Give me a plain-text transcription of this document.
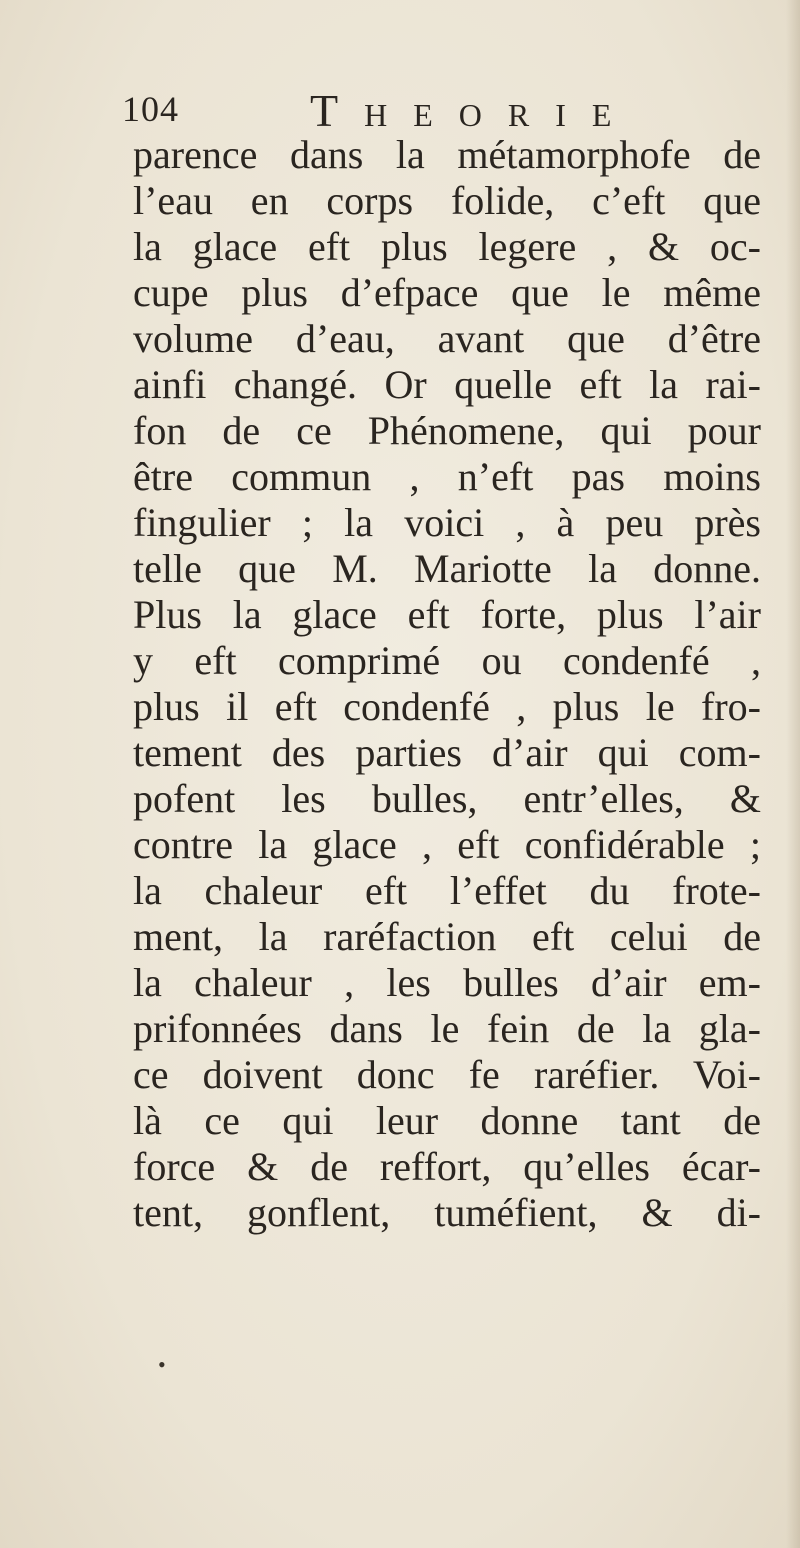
104	Theorie
parence dans la métamorphofe de
l’eau en corps folide, c’eft que
la glace eft plus legere , & oc-
cupe plus d’efpace que le même
volume d’eau, avant que d’être
ainfi changé. Or quelle eft la rai-
fon de ce Phénomene, qui pour
être commun , n’eft pas moins
fingulier ; la voici , à peu près
telle que M. Mariotte la donne.
Plus la glace eft forte, plus l’air
y eft comprimé ou condenfé ,
plus il eft condenfé , plus le fro-
tement des parties d’air qui com-
pofent les bulles, entr’elles, &
contre la glace , eft confidérable ;
la chaleur eft l’effet du frote-
ment, la raréfaction eft celui de
la chaleur , les bulles d’air em-
prifonnées dans le fein de la gla-
ce doivent donc fe raréfier. Voi-
là ce qui leur donne tant de
force & de reffort, qu’elles écar-
tent, gonflent, tuméfient, & di-
•
